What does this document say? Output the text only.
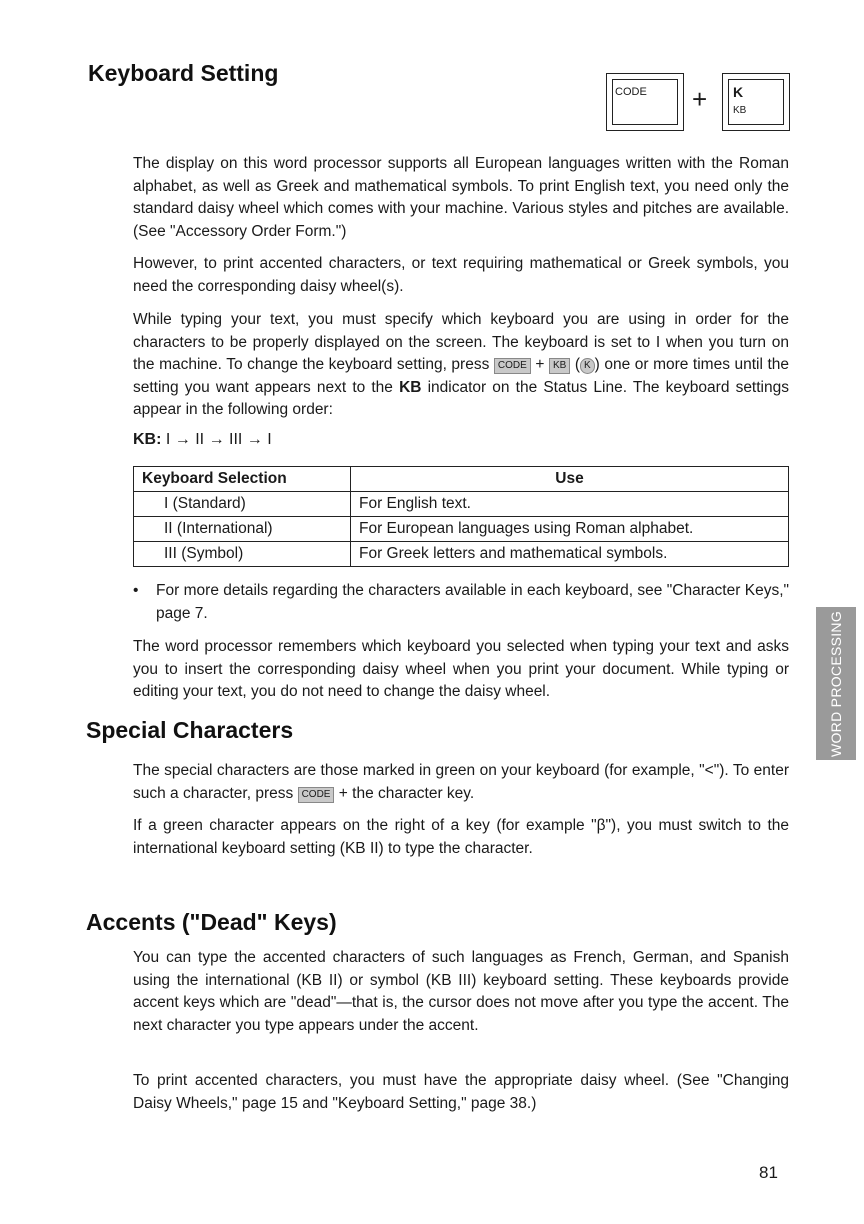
Keyboard Setting
CODE + K
KB

The display on this word processor supports all European languages written with the Roman alphabet, as well as Greek and mathematical symbols. To print English text, you need only the standard daisy wheel which comes with your machine. Various styles and pitches are available. (See "Accessory Order Form.")

However, to print accented characters, or text requiring mathematical or Greek symbols, you need the corresponding daisy wheel(s).

While typing your text, you must specify which keyboard you are using in order for the characters to be properly displayed on the screen. The keyboard is set to I when you turn on the machine. To change the keyboard setting, press CODE + KB ( K ) one or more times until the setting you want appears next to the KB indicator on the Status Line. The keyboard settings appear in the following order:

KB: I → II → III → I
Keyboard Selection	Use
I (Standard)	For English text.
II (International)	For European languages using Roman alphabet.
III (Symbol)	For Greek letters and mathematical symbols.
• For more details regarding the characters available in each keyboard, see "Character Keys," page 7.

The word processor remembers which keyboard you selected when typing your text and asks you to insert the corresponding daisy wheel when you print your document. While typing or editing your text, you do not need to change the daisy wheel.	WORD PROCESSING
Special Characters

The special characters are those marked in green on your keyboard (for example, "<"). To enter such a character, press CODE + the character key.

If a green character appears on the right of a key (for example "β"), you must switch to the international keyboard setting (KB II) to type the character.

Accents ("Dead" Keys)

You can type the accented characters of such languages as French, German, and Spanish using the international (KB II) or symbol (KB III) keyboard setting. These keyboards provide accent keys which are "dead"—that is, the cursor does not move after you type the accent. The next character you type appears under the accent.

To print accented characters, you must have the appropriate daisy wheel. (See "Changing Daisy Wheels," page 15 and "Keyboard Setting," page 38.)

81
